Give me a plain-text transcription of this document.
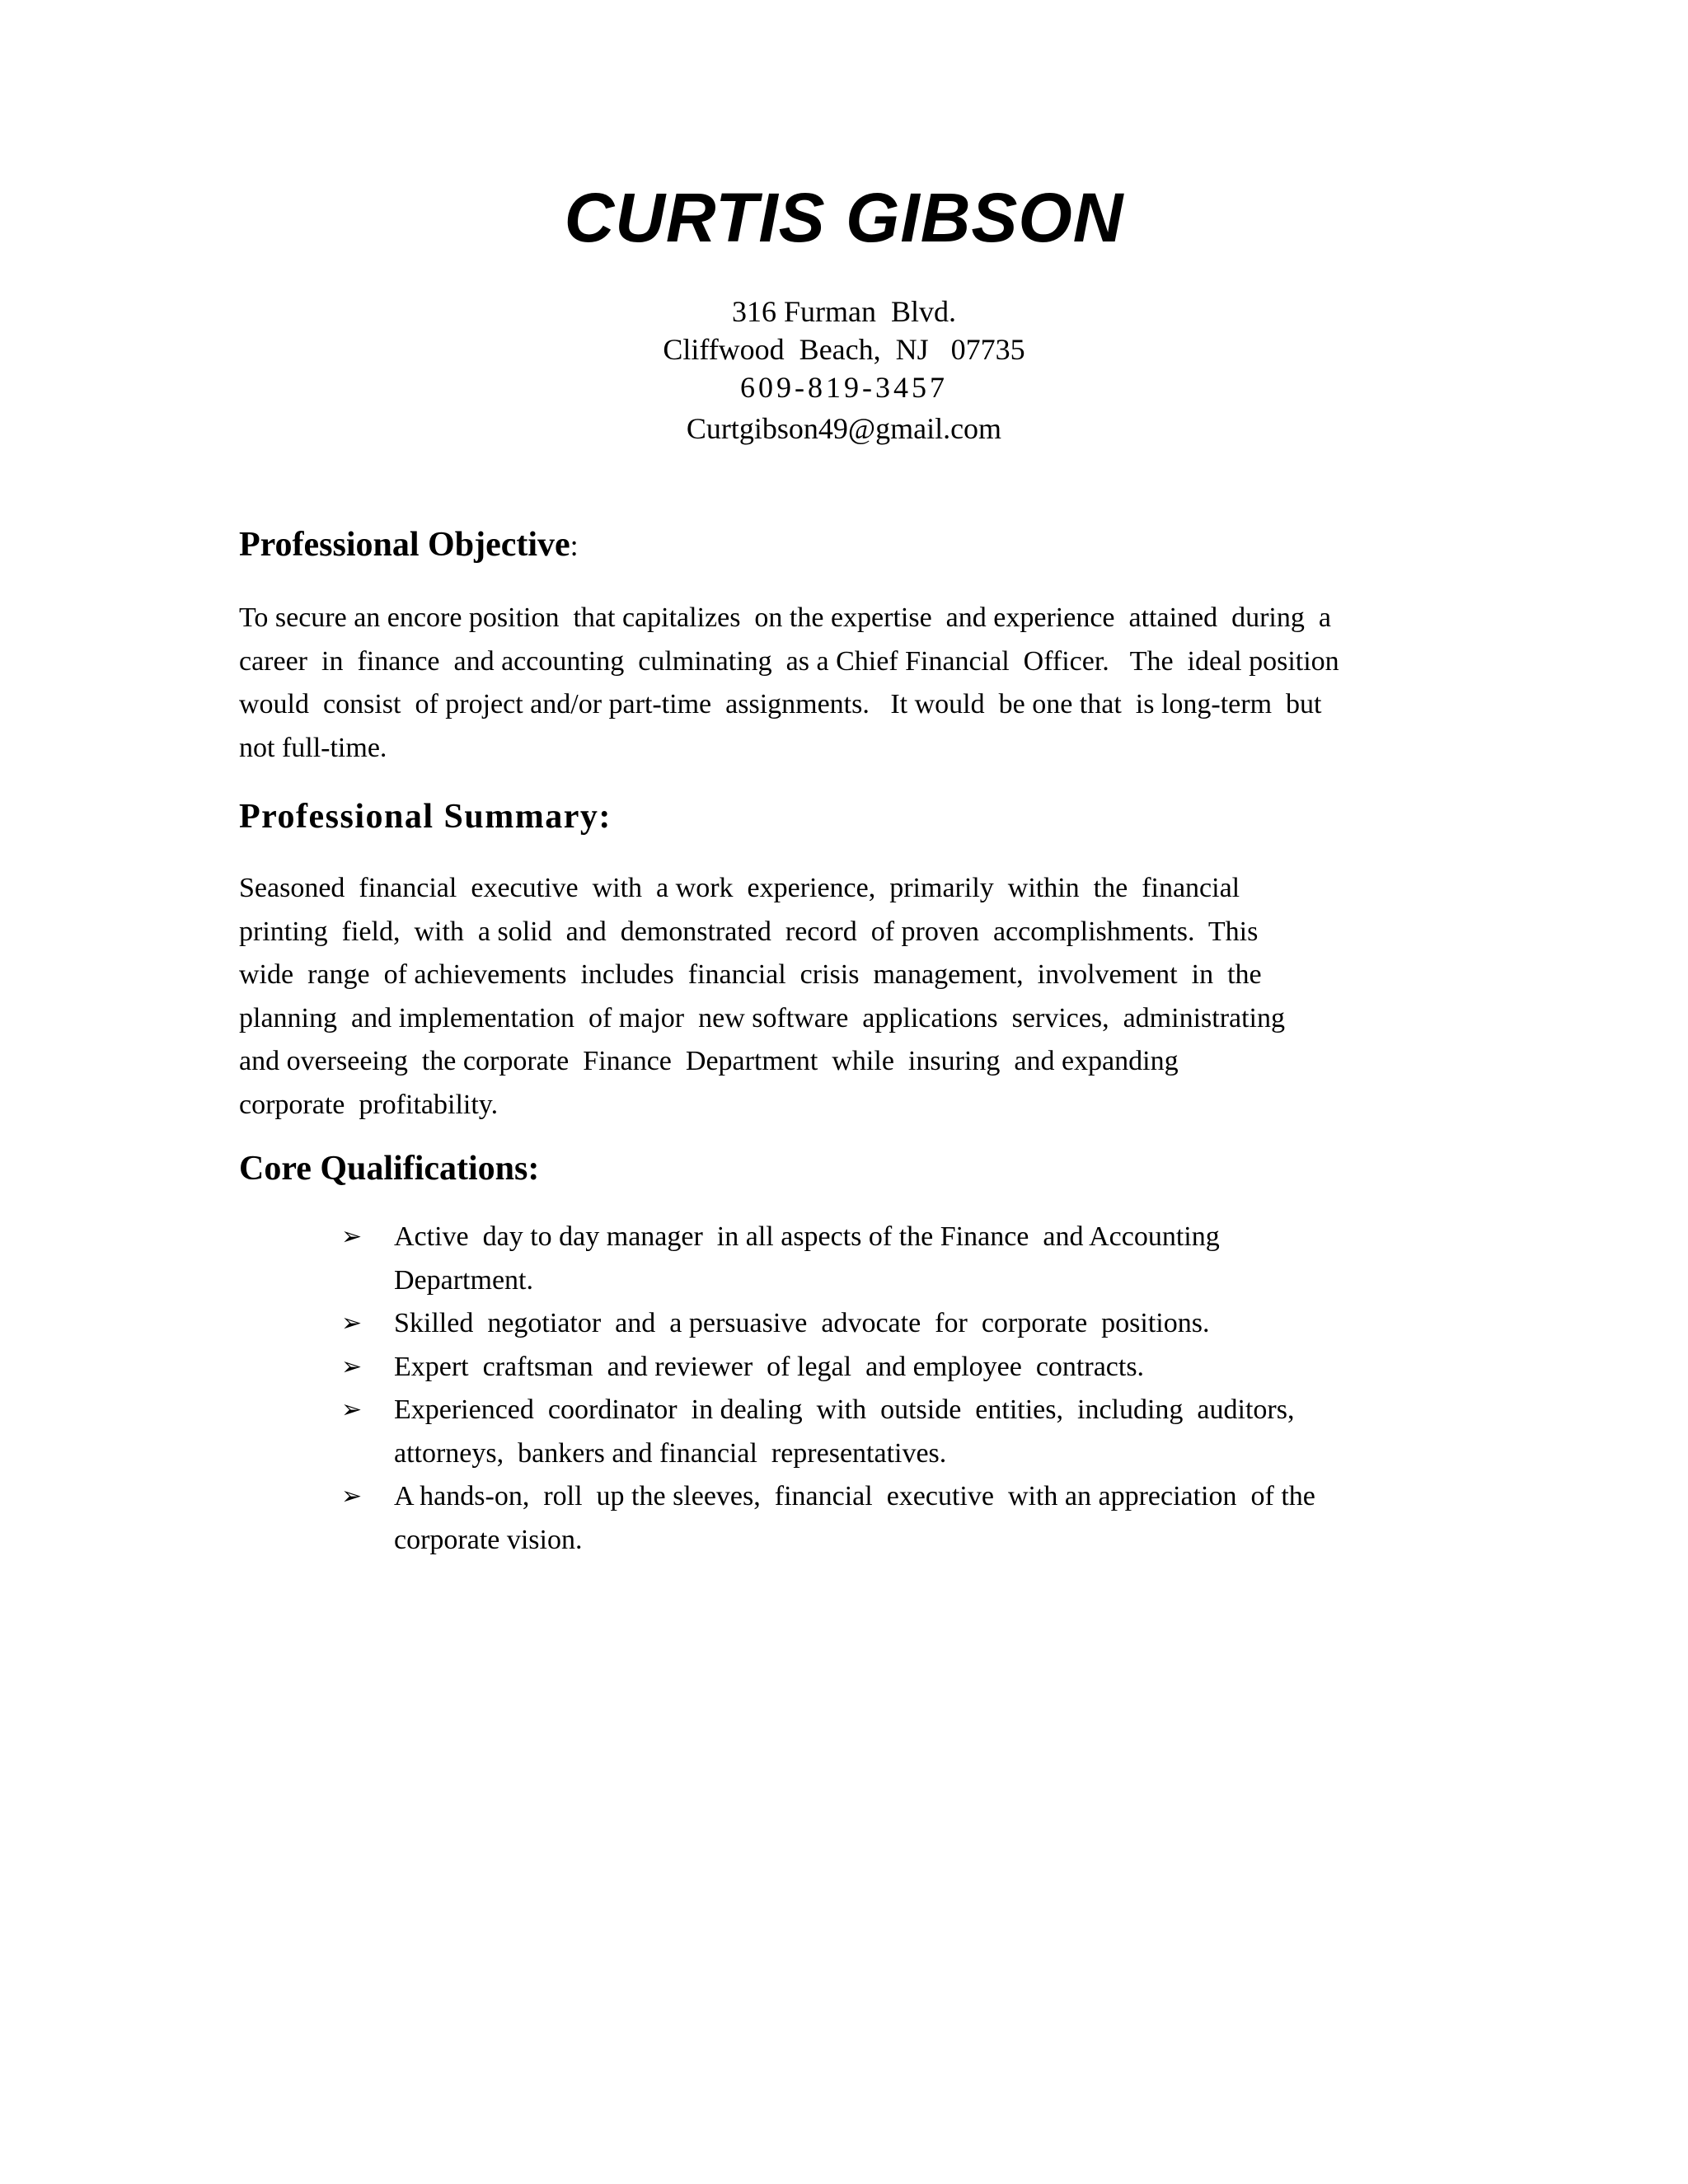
CURTIS GIBSON
316 Furman  Blvd.
Cliffwood  Beach,  NJ   07735
609-819-3457
Curtgibson49@gmail.com
Professional Objective:
To secure an encore position  that capitalizes  on the expertise  and experience  attained  during  a
career  in  finance  and accounting  culminating  as a Chief Financial  Officer.   The  ideal position
would  consist  of project and/or part-time  assignments.   It would  be one that  is long-term  but
not full-time.
Professional Summary:
Seasoned  financial  executive  with  a work  experience,  primarily  within  the  financial
printing  field,  with  a solid  and  demonstrated  record  of proven  accomplishments.  This
wide  range  of achievements  includes  financial  crisis  management,  involvement  in  the
planning  and implementation  of major  new software  applications  services,  administrating
and overseeing  the corporate  Finance  Department  while  insuring  and expanding
corporate  profitability.
Core Qualifications:
➢	Active  day to day manager  in all aspects of the Finance  and Accounting
Department.
➢	Skilled  negotiator  and  a persuasive  advocate  for  corporate  positions.
➢	Expert  craftsman  and reviewer  of legal  and employee  contracts.
➢	Experienced  coordinator  in dealing  with  outside  entities,  including  auditors,
attorneys,  bankers and financial  representatives.
➢	A hands-on,  roll  up the sleeves,  financial  executive  with an appreciation  of the
corporate vision.
